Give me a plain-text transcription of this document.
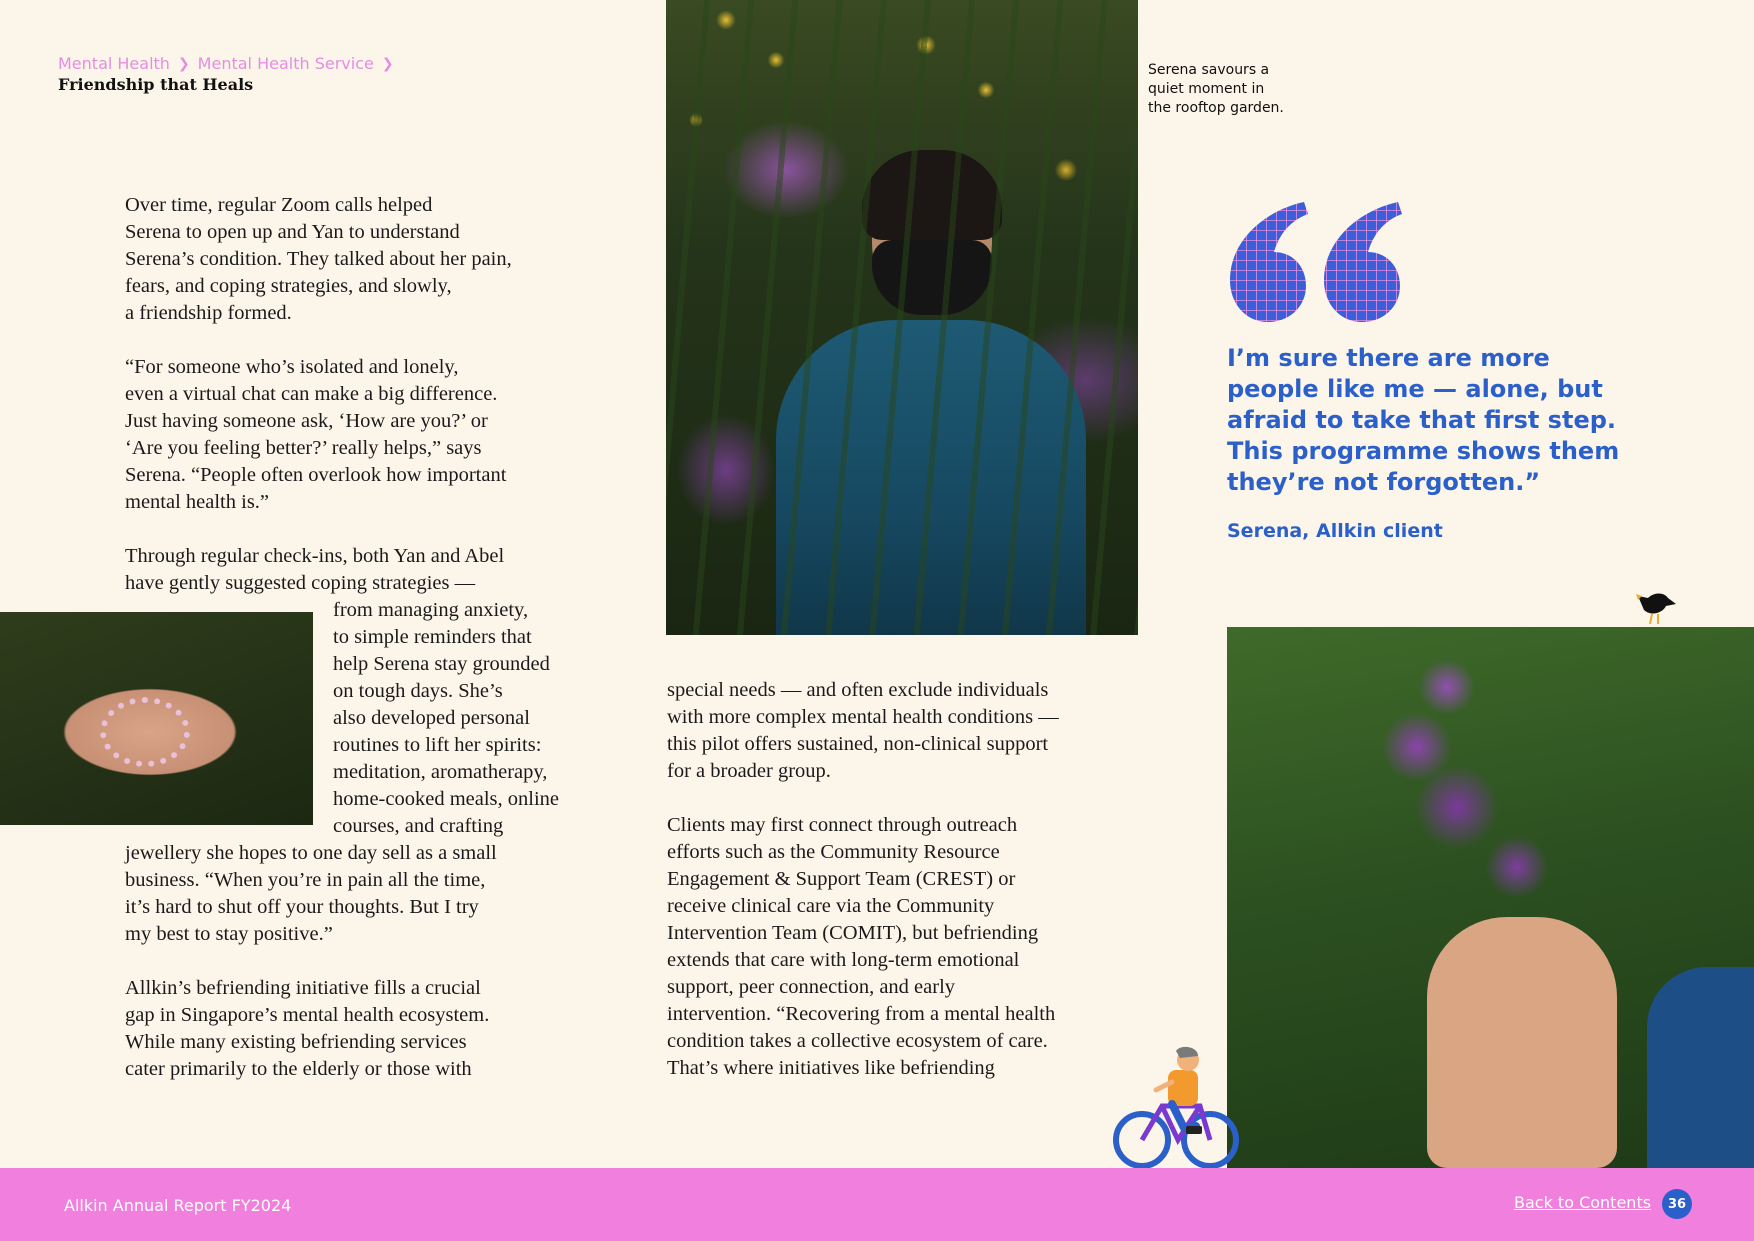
Mental Health ❯ Mental Health Service ❯
Friendship that Heals
Over time, regular Zoom calls helped
Serena to open up and Yan to understand
Serena’s condition. They talked about her pain,
fears, and coping strategies, and slowly,
a friendship formed.
“For someone who’s isolated and lonely,
even a virtual chat can make a big difference.
Just having someone ask, ‘How are you?’ or
‘Are you feeling better?’ really helps,” says
Serena. “People often overlook how important
mental health is.”
Through regular check-ins, both Yan and Abel
have gently suggested coping strategies —
from managing anxiety,
to simple reminders that
help Serena stay grounded
on tough days. She’s
also developed personal
routines to lift her spirits:
meditation, aromatherapy,
home-cooked meals, online
courses, and crafting
jewellery she hopes to one day sell as a small
business. “When you’re in pain all the time,
it’s hard to shut off your thoughts. But I try
my best to stay positive.”
Allkin’s befriending initiative fills a crucial
gap in Singapore’s mental health ecosystem.
While many existing befriending services
cater primarily to the elderly or those with
Serena savours a
quiet moment in
the rooftop garden.
special needs — and often exclude individuals
with more complex mental health conditions —
this pilot offers sustained, non-clinical support
for a broader group.
Clients may first connect through outreach
efforts such as the Community Resource
Engagement & Support Team (CREST) or
receive clinical care via the Community
Intervention Team (COMIT), but befriending
extends that care with long-term emotional
support, peer connection, and early
intervention. “Recovering from a mental health
condition takes a collective ecosystem of care.
That’s where initiatives like befriending
I’m sure there are more
people like me — alone, but
afraid to take that first step.
This programme shows them
they’re not forgotten.”
Serena, Allkin client
Allkin Annual Report FY2024	Back to Contents	36
